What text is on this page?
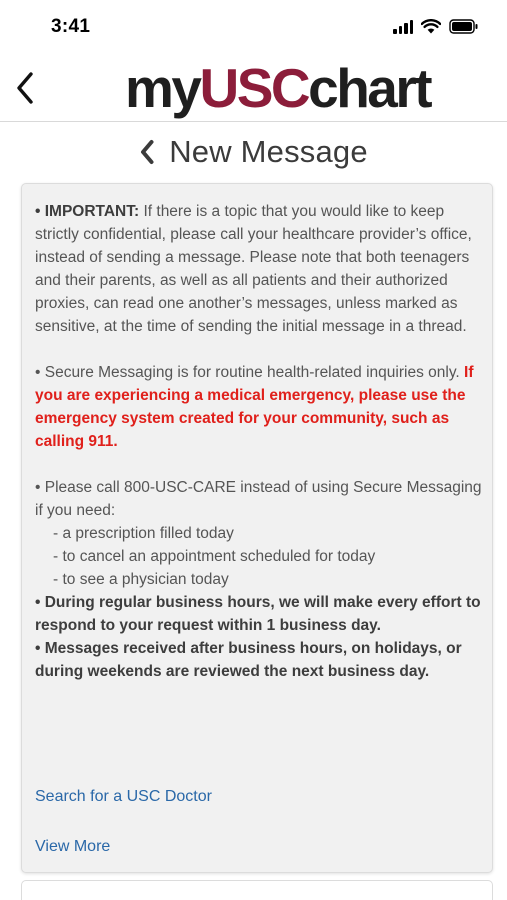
3:41
myUSCchart
New Message

• IMPORTANT: If there is a topic that you would like to keep strictly confidential, please call your healthcare provider’s office, instead of sending a message. Please note that both teenagers and their parents, as well as all patients and their authorized proxies, can read one another’s messages, unless marked as sensitive, at the time of sending the initial message in a thread.

• Secure Messaging is for routine health-related inquiries only. If you are experiencing a medical emergency, please use the emergency system created for your community, such as calling 911.

• Please call 800-USC-CARE instead of using Secure Messaging if you need:

- a prescription filled today

- to cancel an appointment scheduled for today

- to see a physician today

• During regular business hours, we will make every effort to respond to your request within 1 business day.

• Messages received after business hours, on holidays, or during weekends are reviewed the next business day.

Search for a USC Doctor
View More
